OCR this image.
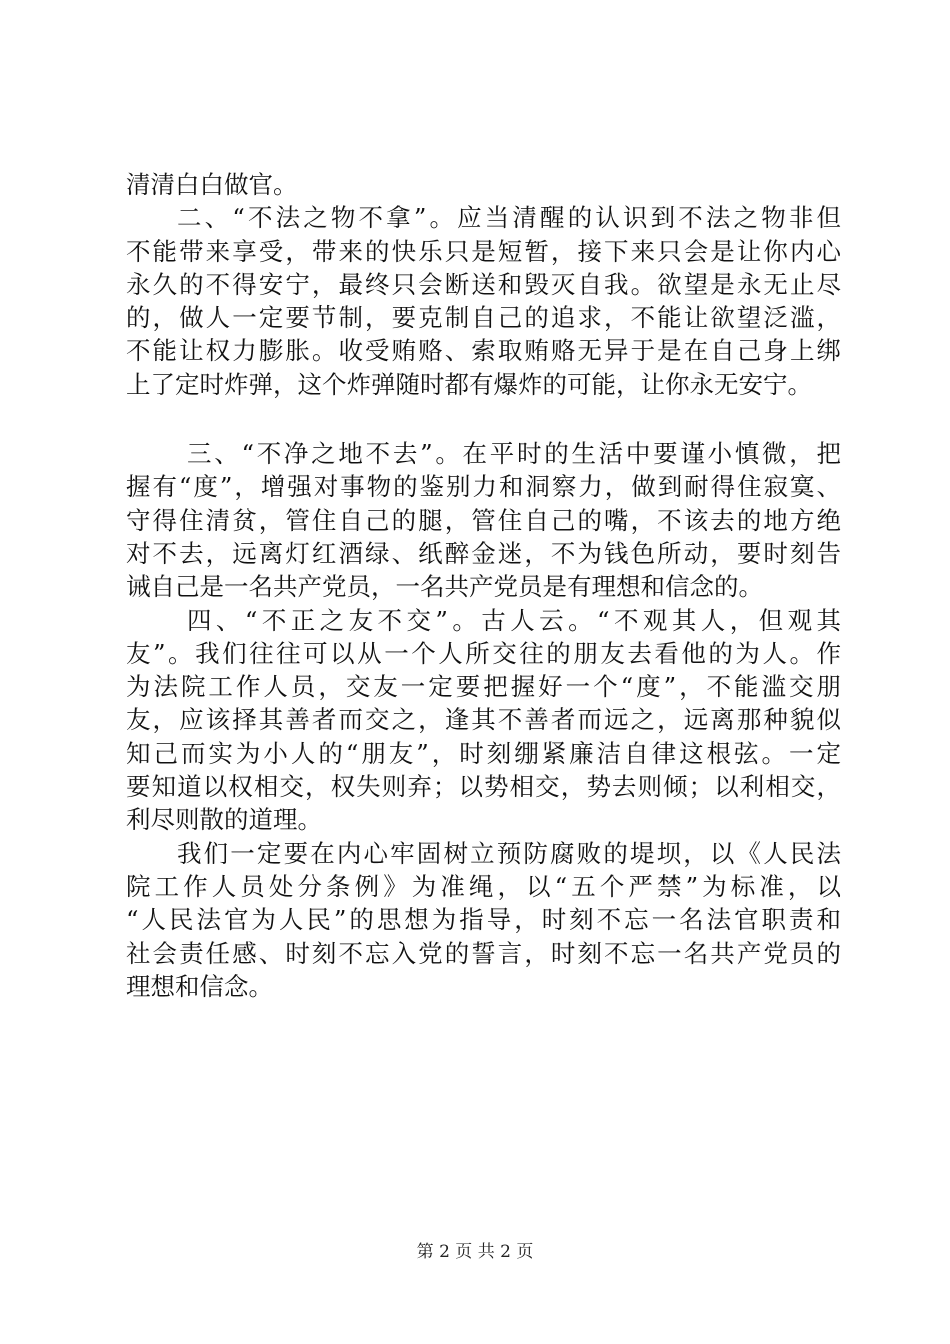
清清白白做官。
二、“不法之物不拿”。应当清醒的认识到不法之物非但
不能带来享受，带来的快乐只是短暂，接下来只会是让你内心
永久的不得安宁，最终只会断送和毁灭自我。欲望是永无止尽
的，做人一定要节制，要克制自己的追求，不能让欲望泛滥，
不能让权力膨胀。收受贿赂、索取贿赂无异于是在自己身上绑
上了定时炸弹，这个炸弹随时都有爆炸的可能，让你永无安宁。
三、“不净之地不去”。在平时的生活中要谨小慎微，把
握有“度”，增强对事物的鉴别力和洞察力，做到耐得住寂寞、
守得住清贫，管住自己的腿，管住自己的嘴，不该去的地方绝
对不去，远离灯红酒绿、纸醉金迷，不为钱色所动，要时刻告
诫自己是一名共产党员，一名共产党员是有理想和信念的。
四、“不正之友不交”。古人云。“不观其人，但观其
友”。我们往往可以从一个人所交往的朋友去看他的为人。作
为法院工作人员，交友一定要把握好一个“度”，不能滥交朋
友，应该择其善者而交之，逢其不善者而远之，远离那种貌似
知己而实为小人的“朋友”，时刻绷紧廉洁自律这根弦。一定
要知道以权相交，权失则弃；以势相交，势去则倾；以利相交，
利尽则散的道理。
我们一定要在内心牢固树立预防腐败的堤坝，以《人民法
院工作人员处分条例》为准绳，以“五个严禁”为标准，以
“人民法官为人民”的思想为指导，时刻不忘一名法官职责和
社会责任感、时刻不忘入党的誓言，时刻不忘一名共产党员的
理想和信念。
第 2 页 共 2 页
